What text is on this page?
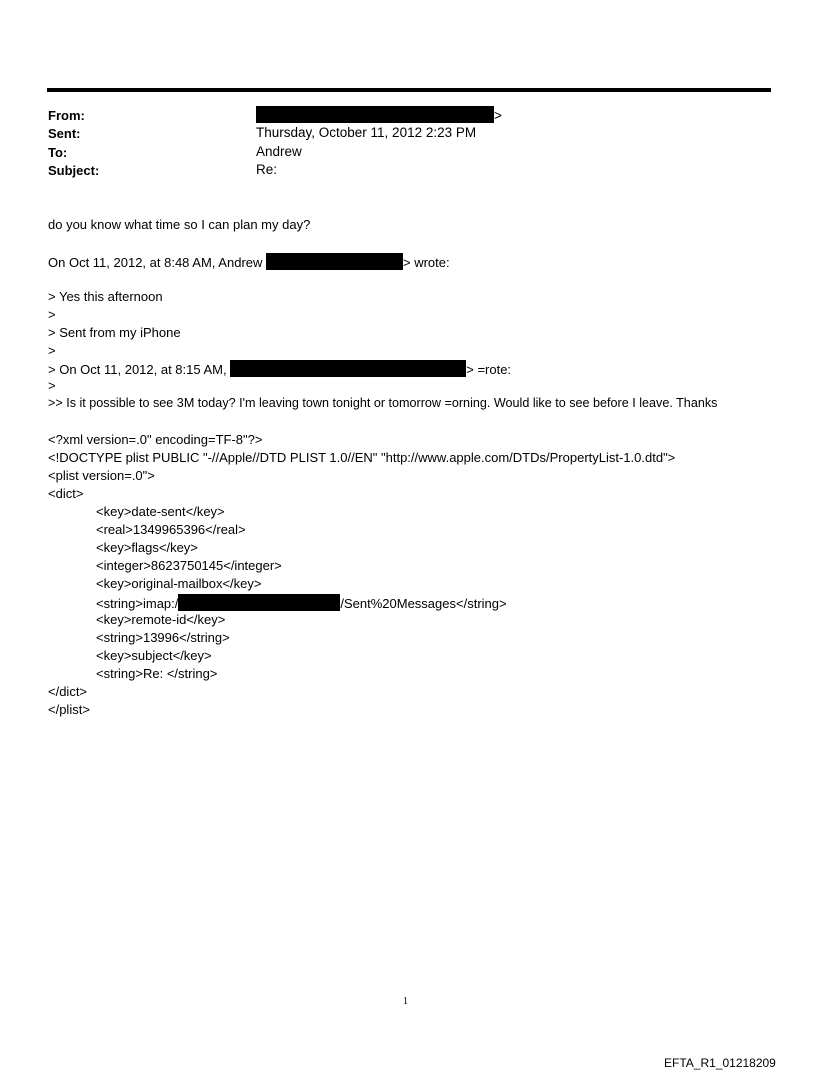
From:	>
Sent:	Thursday, October 11, 2012 2:23 PM
To:	Andrew
Subject:	Re:
do you know what time so I can plan my day?
On Oct 11, 2012, at 8:48 AM, Andrew	> wrote:
> Yes this afternoon
>
> Sent from my iPhone
>
> On Oct 11, 2012, at 8:15 AM,	> =rote:
>
>> Is it possible to see 3M today? I'm leaving town tonight or tomorrow =orning. Would like to see before I leave. Thanks
<?xml version=.0" encoding=TF-8"?>
<!DOCTYPE plist PUBLIC "-//Apple//DTD PLIST 1.0//EN" "http://www.apple.com/DTDs/PropertyList-1.0.dtd">
<plist version=.0">
<dict>
<key>date-sent</key>
<real>1349965396</real>
<key>flags</key>
<integer>8623750145</integer>
<key>original-mailbox</key>
<string>imap:/	/Sent%20Messages</string>
<key>remote-id</key>
<string>13996</string>
<key>subject</key>
<string>Re: </string>
</dict>
</plist>
1
EFTA_R1_01218209
